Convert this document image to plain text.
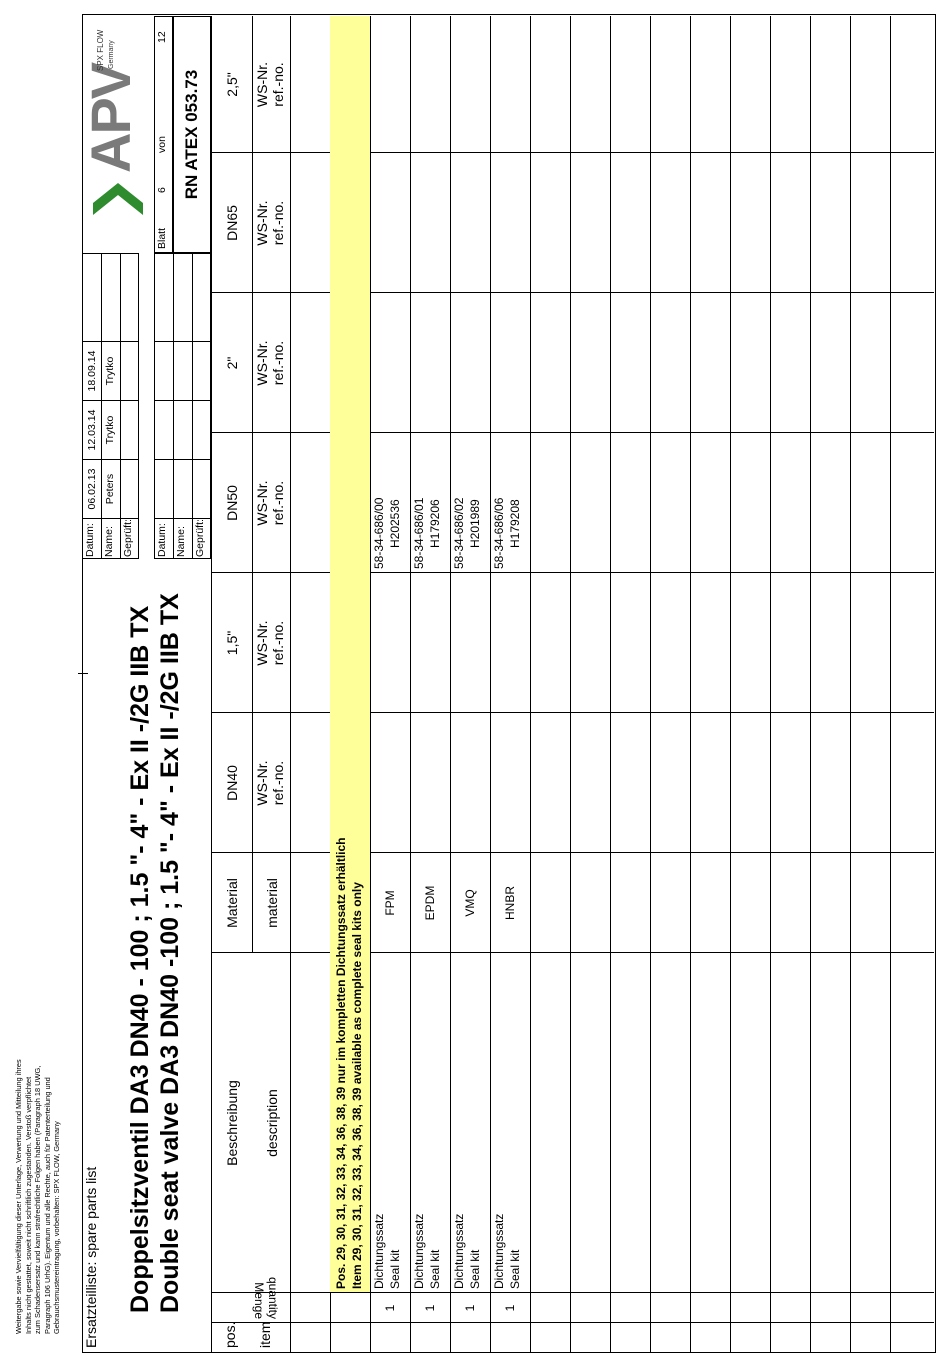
Weitergabe sowie Vervielfältigung dieser Unterlage, Verwertung und Mitteilung ihres
Inhalts nicht gestattet, soweit nicht schriftlich zugestanden. Verstoß verpflichtet
zum Schadensersatz und kann strafrechtliche Folgen haben (Paragraph 18 UWG,
Paragraph 106 UrhG). Eigentum und alle Rechte, auch für Patenterteilung und
Gebrauchsmustereintragung, vorbehalten: SPX FLOW, Germany
Ersatzteilliste: spare parts list Doppelsitzventil DA3 DN40 - 100 ; 1.5 "- 4" - Ex II -/2G IIB TX Double seat valve DA3 DN40 -100 ; 1.5 "- 4" - Ex II -/2G IIB TX
Datum: Name: Geprüft:
06.02.13
12.03.14
18.09.14
Peters
Trytko
Trytko
Datum: Name: Geprüft:
APV
SPX FLOW Germany
Blatt
6
von
12
RN ATEX 053.73
Pos. 29, 30, 31, 32, 33, 34, 36, 38, 39 nur im kompletten Dichtungssatz erhältlich Item 29, 30, 31, 32, 33, 34, 36, 38, 39 available as complete seal kits only
pos. item
Menge quantity
Beschreibung	description
Material	material
DN40
1,5"
DN50
2"
DN65
2,5"
WS-Nr. ref.-no.
WS-Nr. ref.-no.
WS-Nr. ref.-no.
WS-Nr. ref.-no.
WS-Nr. ref.-no.
WS-Nr. ref.-no.
1
Dichtungssatz Seal kit
FPM
58-34-686/00 H202536
1
Dichtungssatz Seal kit
EPDM
58-34-686/01 H179206
1
Dichtungssatz Seal kit
VMQ
58-34-686/02 H201989
1
Dichtungssatz Seal kit
HNBR
58-34-686/06 H179208
